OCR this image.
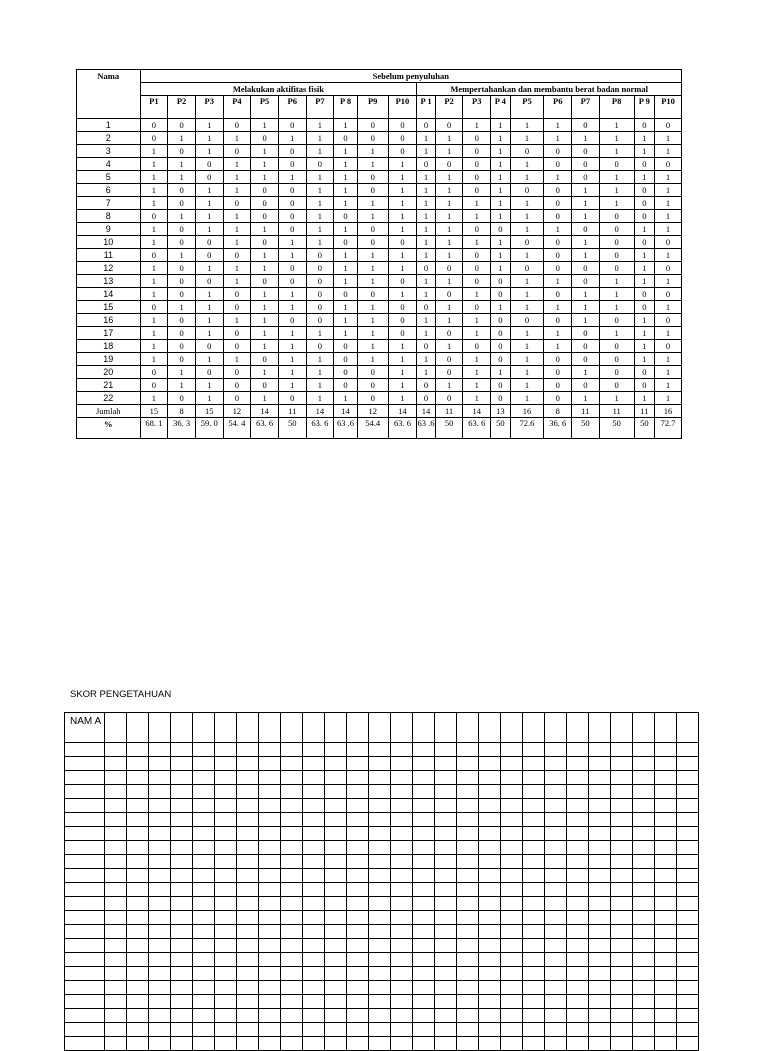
Nama	Sebelum penyuluhan																			
	Melakukan aktifitas fisik										Mempertahankan dan membantu berat badan normal									
	P1	P2	P3	P4	P5	P6	P7	P 8	P9	P10	P 1	P2	P3	P 4	P5	P6	P7	P8	P 9	P10
1	0	0	1	0	1	0	1	1	0	0	0	0	1	1	1	1	0	1	0	0
2	0	1	1	1	0	1	1	0	0	0	1	1	0	1	1	1	1	1	1	1
3	1	0	1	0	1	0	1	1	1	0	1	1	0	1	0	0	0	1	1	1
4	1	1	0	1	1	0	0	1	1	1	0	0	0	1	1	0	0	0	0	0
5	1	1	0	1	1	1	1	1	0	1	1	1	0	1	1	1	0	1	1	1
6	1	0	1	1	0	0	1	1	0	1	1	1	0	1	0	0	1	1	0	1
7	1	0	1	0	0	0	1	1	1	1	1	1	1	1	1	0	1	1	0	1
8	0	1	1	1	0	0	1	0	1	1	1	1	1	1	1	0	1	0	0	1
9	1	0	1	1	1	0	1	1	0	1	1	1	0	0	1	1	0	0	1	1
10	1	0	0	1	0	1	1	0	0	0	1	1	1	1	0	0	1	0	0	0
11	0	1	0	0	1	1	0	1	1	1	1	1	0	1	1	0	1	0	1	1
12	1	0	1	1	1	0	0	1	1	1	0	0	0	1	0	0	0	0	1	0
13	1	0	0	1	0	0	0	1	1	0	1	1	0	0	1	1	0	1	1	1
14	1	0	1	0	1	1	0	0	0	1	1	0	1	0	1	0	1	1	0	0
15	0	1	1	0	1	1	0	1	1	0	0	1	0	1	1	1	1	1	0	1
16	1	0	1	1	1	0	0	1	1	0	1	1	1	0	0	0	1	0	1	0
17	1	0	1	0	1	1	1	1	1	0	1	0	1	0	1	1	0	1	1	1
18	1	0	0	0	1	1	0	0	1	1	0	1	0	0	1	1	0	0	1	0
19	1	0	1	1	0	1	1	0	1	1	1	0	1	0	1	0	0	0	1	1
20	0	1	0	0	1	1	1	0	0	1	1	0	1	1	1	0	1	0	0	1
21	0	1	1	0	0	1	1	0	0	1	0	1	1	0	1	0	0	0	0	1
22	1	0	1	0	1	0	1	1	0	1	0	0	1	0	1	0	1	1	1	1
Jumlah	15	8	15	12	14	11	14	14	12	14	14	11	14	13	16	8	11	11	11	16
%	68. 1	36. 3	59. 0	54. 4	63. 6	50	63. 6	63 .6	54.4	63. 6	63 .6	50	63. 6	50	72.6	36. 6	50	50	50	72.7
SKOR PENGETAHUAN
NAM A																											
